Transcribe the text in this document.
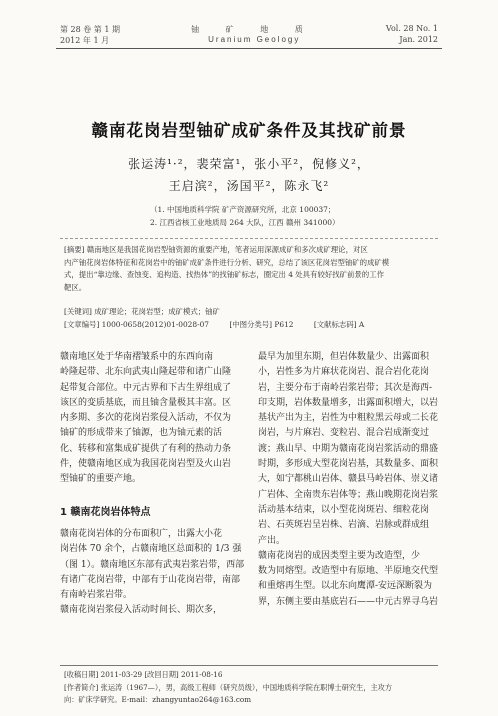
第 28 卷 第 1 期	铀 矿 地 质	Vol. 28 No. 1
2012 年 1 月	Uranium Geology	Jan. 2012
赣南花岗岩型铀矿成矿条件及其找矿前景
张运涛¹·²，裴荣富¹，张小平²，倪修义²，
王启滨²，汤国平²，陈永飞²
（1. 中国地质科学院 矿产资源研究所，北京 100037；
2. 江西省核工业地质局 264 大队，江西 赣州 341000）
[摘要] 赣南地区是我国花岗岩型铀资源的重要产地，笔者运用深源成矿和多次成矿理论，对区
内产铀花岗岩体特征和花岗岩中的铀矿成矿条件进行分析、研究，总结了该区花岗岩型铀矿的成矿模
式，提出“靠边缘、查蚀变、追构造、找热体”的找铀矿标志，圈定出 4 处具有较好找矿前景的工作
靶区。
[关键词] 成矿理论；花岗岩型；成矿模式；铀矿
[文章编号] 1000-0658(2012)01-0028-07	[中图分类号] P612	[文献标志码] A
赣南地区处于华南褶皱系中的东西向南
岭隆起带、北东向武夷山隆起带和诸广山隆
起带复合部位。中元古界和下古生界组成了
该区的变质基底，而且铀含量极其丰富。区
内多期、多次的花岗岩浆侵入活动，不仅为
铀矿的形成带来了铀源，也为铀元素的活
化、转移和富集成矿提供了有利的热动力条
件，使赣南地区成为我国花岗岩型及火山岩
型铀矿的重要产地。
1 赣南花岗岩体特点
赣南花岗岩体的分布面积广，出露大小花
岗岩体 70 余个，占赣南地区总面积的 1/3 强
（图 1）。赣南地区东部有武夷岩浆岩带，西部
有诸广花岗岩带，中部有于山花岗岩带，南部
有南岭岩浆岩带。
赣南花岗岩浆侵入活动时间长、期次多，
最早为加里东期，但岩体数量少、出露面积
小，岩性多为片麻状花岗岩、混合岩化花岗
岩，主要分布于南岭岩浆岩带；其次是海西-
印支期，岩体数量增多，出露面积增大，以岩
基状产出为主，岩性为中粗粒黑云母或二长花
岗岩，与片麻岩、变粒岩、混合岩成渐变过
渡；燕山早、中期为赣南花岗岩浆活动的鼎盛
时期，多形成大型花岗岩基，其数量多、面积
大，如宁都桃山岩体、赣县马岭岩体、崇义诸
广岩体、全南贵东岩体等；燕山晚期花岗岩浆
活动基本结束，以小型花岗斑岩、细粒花岗
岩、石英斑岩呈岩株、岩滴、岩脉或群成组
产出。
赣南花岗岩的成因类型主要为改造型，少
数为同熔型。改造型中有原地、半原地交代型
和重熔再生型。以北东向鹰潭-安远深断裂为
界，东侧主要由基底岩石——中元古界寻乌岩
[收稿日期] 2011-03-29 [改回日期] 2011-08-16
[作者简介] 张运涛（1967—），男，高级工程师（研究员级），中国地质科学院在职博士研究生，主攻方
向：矿床学研究。E-mail：zhangyuntao264@163.com
